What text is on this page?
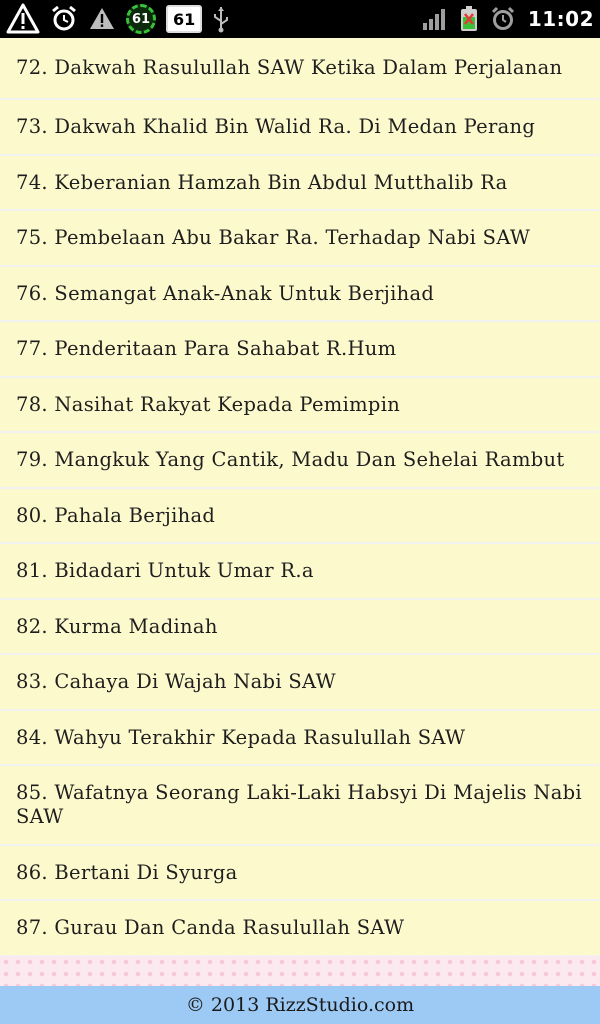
61	61	11:02
72. Dakwah Rasulullah SAW Ketika Dalam Perjalanan
73. Dakwah Khalid Bin Walid Ra. Di Medan Perang
74. Keberanian Hamzah Bin Abdul Mutthalib Ra
75. Pembelaan Abu Bakar Ra. Terhadap Nabi SAW
76. Semangat Anak-Anak Untuk Berjihad
77. Penderitaan Para Sahabat R.Hum
78. Nasihat Rakyat Kepada Pemimpin
79. Mangkuk Yang Cantik, Madu Dan Sehelai Rambut
80. Pahala Berjihad
81. Bidadari Untuk Umar R.a
82. Kurma Madinah
83. Cahaya Di Wajah Nabi SAW
84. Wahyu Terakhir Kepada Rasulullah SAW
85. Wafatnya Seorang Laki-Laki Habsyi Di Majelis Nabi SAW
86. Bertani Di Syurga
87. Gurau Dan Canda Rasulullah SAW
© 2013 RizzStudio.com
